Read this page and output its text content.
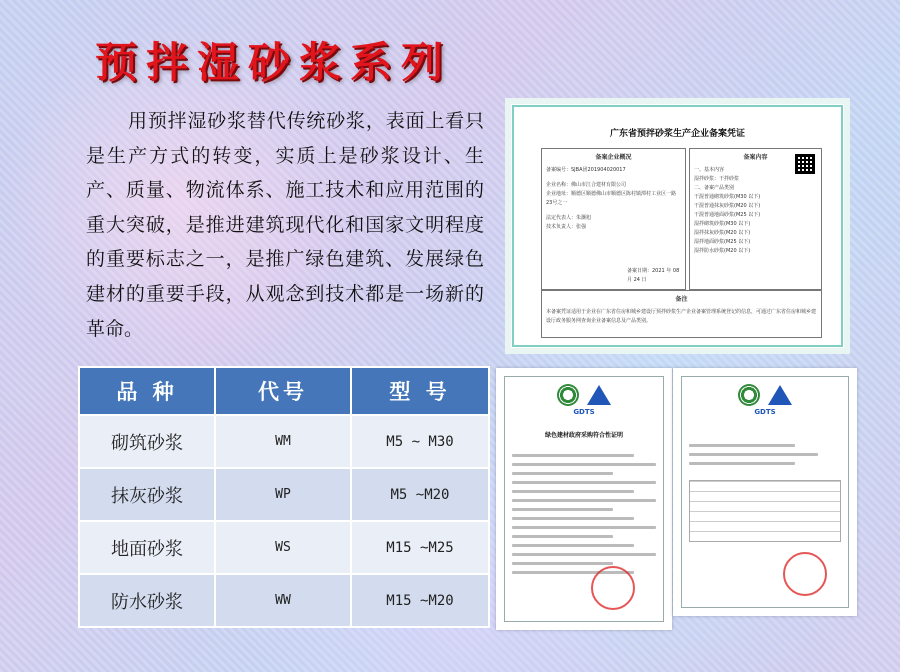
预拌湿砂浆系列

用预拌湿砂浆替代传统砂浆，表面上看只是生产方式的转变，实质上是砂浆设计、生产、质量、物流体系、施工技术和应用范围的重大突破，是推进建筑现代化和国家文明程度的重要标志之一，是推广绿色建筑、发展绿色建材的重要手段，从观念到技术都是一场新的革命。

品 种	代号	型 号
砌筑砂浆	WM	M5 ~ M30
抹灰砂浆	WP	M5 ~M20
地面砂浆	WS	M15 ~M25
防水砂浆	WW	M15 ~M20
广东省预拌砂浆生产企业备案凭证
备案企业概况
备案编号：SJBA团201904020017
企业名称：佛山市江合建材有限公司
企业地址：顺德区顺德佛山市顺德区陈村镇潭村工业区一路23号之一
法定代表人：朱灏旭
技术负责人：张强
备案日期：2021 年 08 月 24 日
备案内容
一、基本内容
湿拌砂浆：干拌砂浆
二、备案产品类别
干混普通砌筑砂浆(M30 以下)
干混普通抹灰砂浆(M20 以下)
干混普通地面砂浆(M25 以下)
湿拌砌筑砂浆(M30 以下)
湿拌抹灰砂浆(M20 以下)
湿拌地面砂浆(M25 以下)
湿拌防水砂浆(M20 以下)
备注
本备案凭证适用于企业在广东省住房和城乡建设厅预拌砂浆生产企业备案管理系统登记的信息，可通过广东省住房和城乡建设厅政务服务网查询企业备案信息及产品类别。
GDTS
绿色建材政府采购符合性证明
GDTS
